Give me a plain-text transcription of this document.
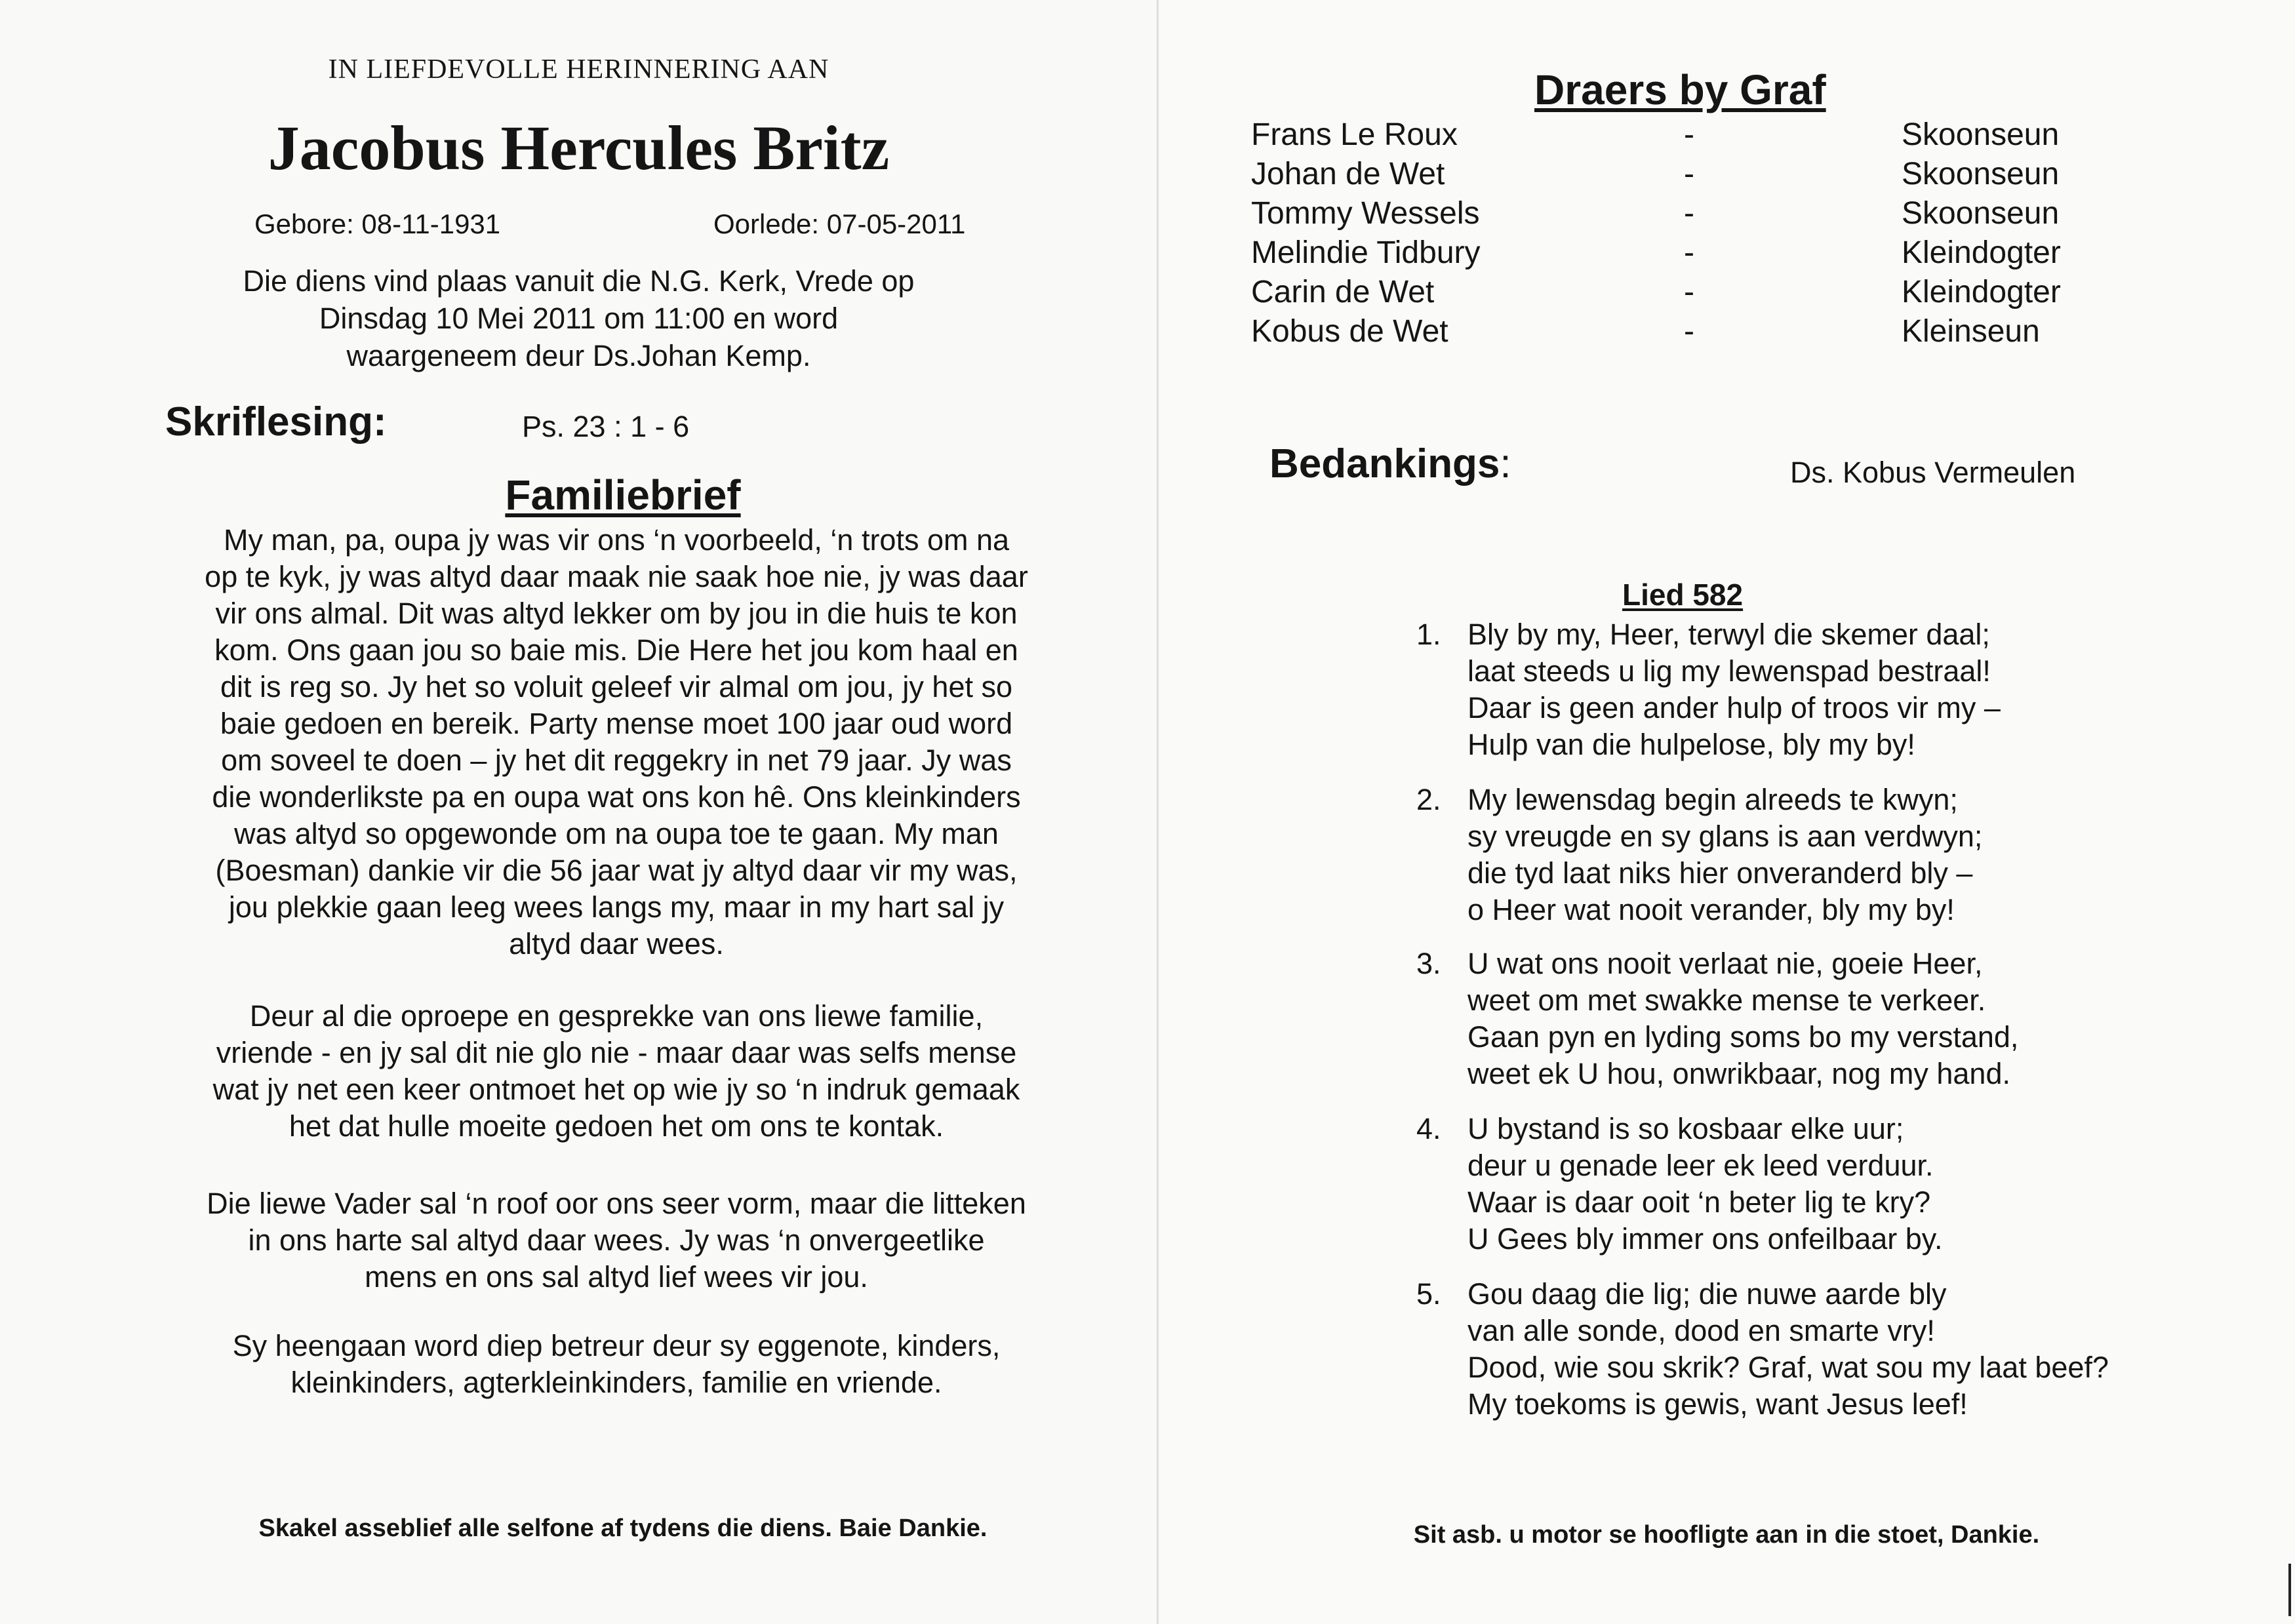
IN LIEFDEVOLLE HERINNERING AAN
Jacobus Hercules Britz
Gebore: 08-11-1931	Oorlede: 07-05-2011
Die diens vind plaas vanuit die N.G. Kerk, Vrede op
Dinsdag 10 Mei 2011 om 11:00 en word
waargeneem deur Ds.Johan Kemp.
Skriflesing:	Ps. 23 : 1 - 6
Familiebrief
My man, pa, oupa jy was vir ons ‘n voorbeeld, ‘n trots om na
op te kyk, jy was altyd daar maak nie saak hoe nie, jy was daar
vir ons almal. Dit was altyd lekker om by jou in die huis te kon
kom. Ons gaan jou so baie mis. Die Here het jou kom haal en
dit is reg so. Jy het so voluit geleef vir almal om jou, jy het so
baie gedoen en bereik. Party mense moet 100 jaar oud word
om soveel te doen – jy het dit reggekry in net 79 jaar. Jy was
die wonderlikste pa en oupa wat ons kon hê. Ons kleinkinders
was altyd so opgewonde om na oupa toe te gaan. My man
(Boesman) dankie vir die 56 jaar wat jy altyd daar vir my was,
jou plekkie gaan leeg wees langs my, maar in my hart sal jy
altyd daar wees.
Deur al die oproepe en gesprekke van ons liewe familie,
vriende - en jy sal dit nie glo nie - maar daar was selfs mense
wat jy net een keer ontmoet het op wie jy so ‘n indruk gemaak
het dat hulle moeite gedoen het om ons te kontak.
Die liewe Vader sal ‘n roof oor ons seer vorm, maar die litteken
in ons harte sal altyd daar wees. Jy was ‘n onvergeetlike
mens en ons sal altyd lief wees vir jou.
Sy heengaan word diep betreur deur sy eggenote, kinders,
kleinkinders, agterkleinkinders, familie en vriende.
Skakel asseblief alle selfone af tydens die diens. Baie Dankie.
Draers by Graf
Frans Le Roux	-	Skoonseun
Johan de Wet	-	Skoonseun
Tommy Wessels	-	Skoonseun
Melindie Tidbury	-	Kleindogter
Carin de Wet	-	Kleindogter
Kobus de Wet	-	Kleinseun
Bedankings:	Ds. Kobus Vermeulen
Lied 582
1. Bly by my, Heer, terwyl die skemer daal;
laat steeds u lig my lewenspad bestraal!
Daar is geen ander hulp of troos vir my –
Hulp van die hulpelose, bly my by!
2. My lewensdag begin alreeds te kwyn;
sy vreugde en sy glans is aan verdwyn;
die tyd laat niks hier onveranderd bly –
o Heer wat nooit verander, bly my by!
3. U wat ons nooit verlaat nie, goeie Heer,
weet om met swakke mense te verkeer.
Gaan pyn en lyding soms bo my verstand,
weet ek U hou, onwrikbaar, nog my hand.
4. U bystand is so kosbaar elke uur;
deur u genade leer ek leed verduur.
Waar is daar ooit ‘n beter lig te kry?
U Gees bly immer ons onfeilbaar by.
5. Gou daag die lig; die nuwe aarde bly
van alle sonde, dood en smarte vry!
Dood, wie sou skrik? Graf, wat sou my laat beef?
My toekoms is gewis, want Jesus leef!
Sit asb. u motor se hoofligte aan in die stoet, Dankie.
